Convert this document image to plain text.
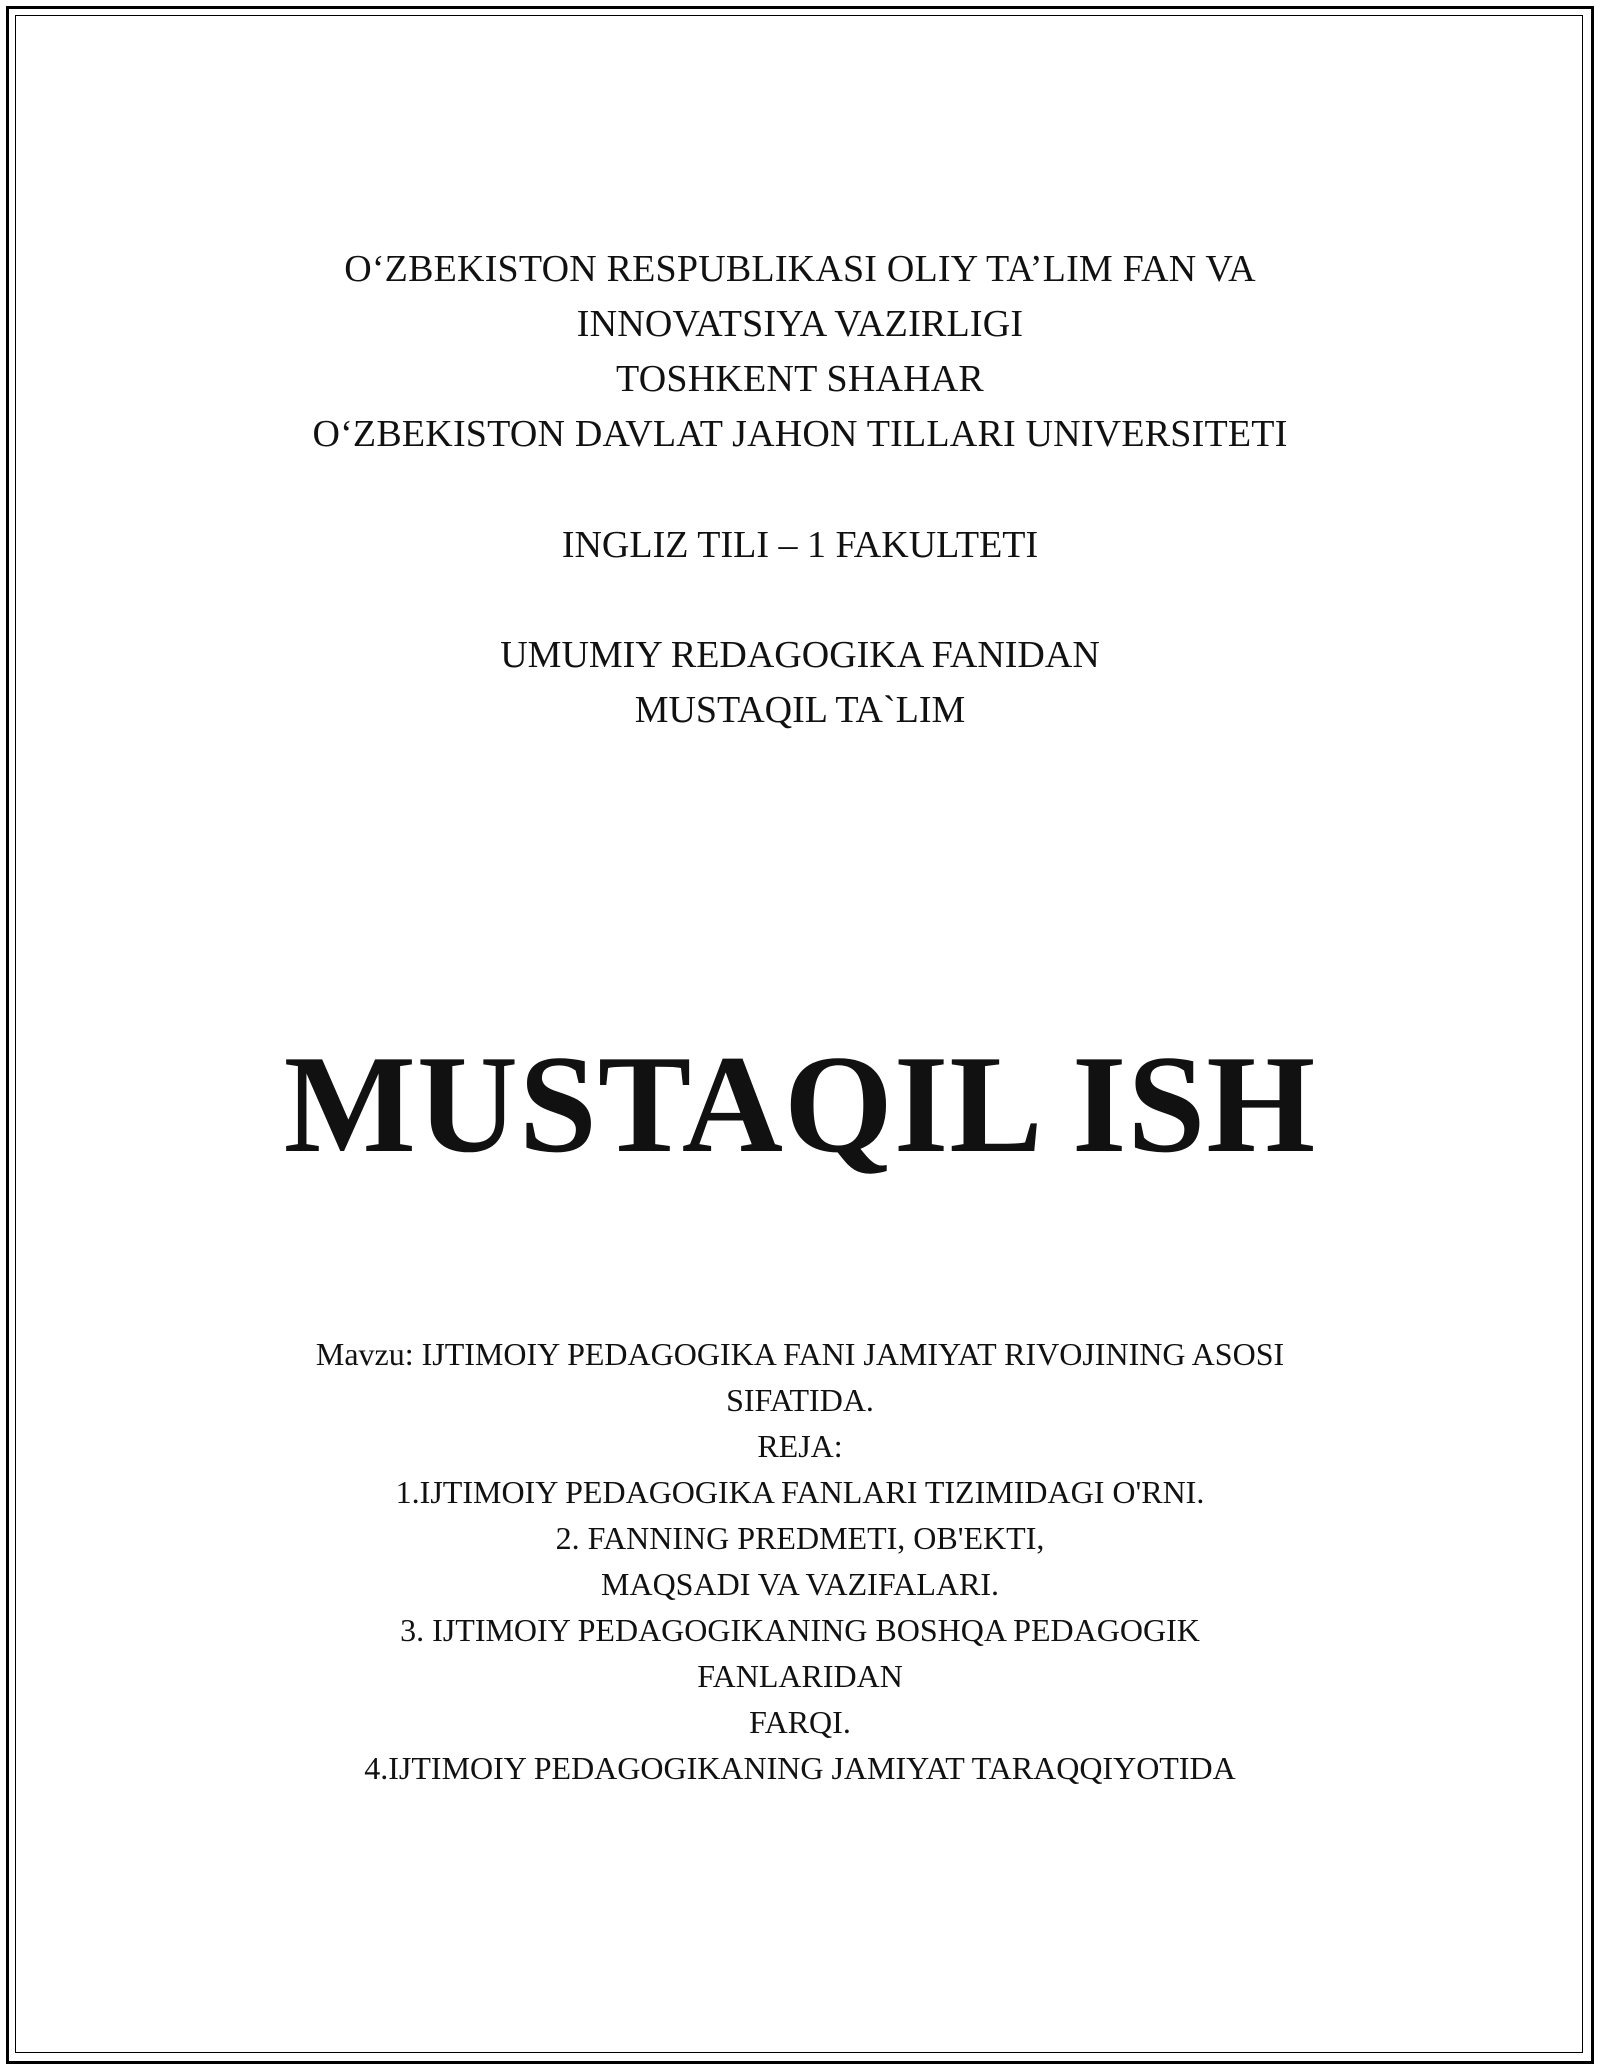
O‘ZBEKISTON RESPUBLIKASI OLIY TA’LIM FAN VA
INNOVATSIYA VAZIRLIGI
TOSHKENT SHAHAR
O‘ZBEKISTON DAVLAT JAHON TILLARI UNIVERSITETI
INGLIZ TILI – 1 FAKULTETI
UMUMIY REDAGOGIKA FANIDAN
MUSTAQIL TA`LIM
MUSTAQIL ISH
Mavzu: IJTIMOIY PEDAGOGIKA FANI JAMIYAT RIVOJINING ASOSI
SIFATIDA.
REJA:
1.IJTIMOIY PEDAGOGIKA FANLARI TIZIMIDAGI O'RNI.
2. FANNING PREDMETI, OB'EKTI,
MAQSADI VA VAZIFALARI.
3. IJTIMOIY PEDAGOGIKANING BOSHQA PEDAGOGIK
FANLARIDAN
FARQI.
4.IJTIMOIY PEDAGOGIKANING JAMIYAT TARAQQIYOTIDA
